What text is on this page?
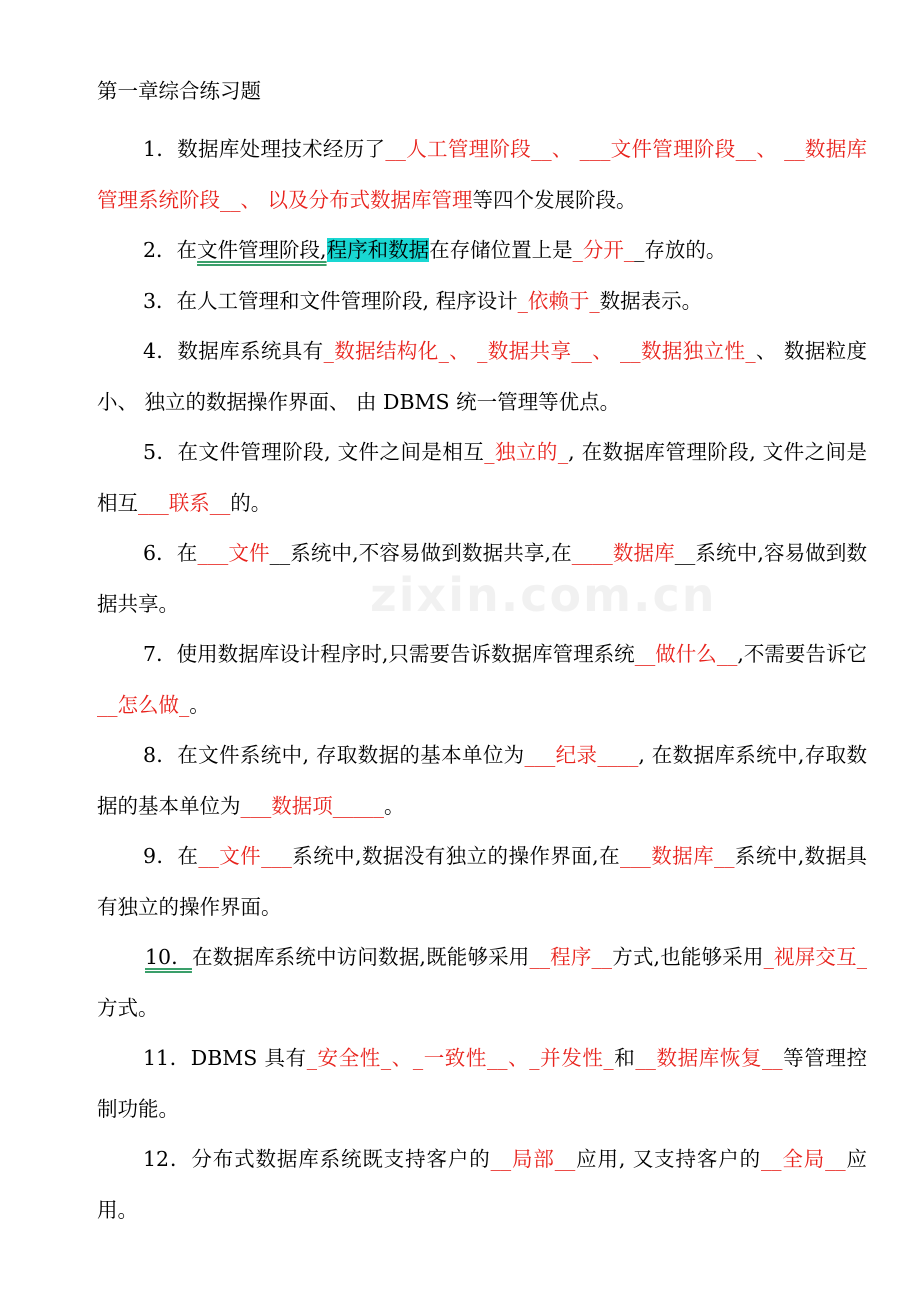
第一章综合练习题

1．数据库处理技术经历了__人工管理阶段__、 ___文件管理阶段__、 __数据库管理系统阶段__、 以及分布式数据库管理等四个发展阶段。

2．在文件管理阶段,程序和数据在存储位置上是_分开__存放的。

3．在人工管理和文件管理阶段, 程序设计_依赖于_数据表示。

4．数据库系统具有_数据结构化_、 _数据共享__、 __数据独立性_、 数据粒度小、 独立的数据操作界面、 由 DBMS 统一管理等优点。

5．在文件管理阶段, 文件之间是相互_独立的_, 在数据库管理阶段, 文件之间是相互___联系__的。

6．在___文件__系统中,不容易做到数据共享,在____数据库__系统中,容易做到数据共享。

7．使用数据库设计程序时,只需要告诉数据库管理系统__做什么__,不需要告诉它__怎么做_。

8．在文件系统中, 存取数据的基本单位为___纪录____, 在数据库系统中,存取数据的基本单位为___数据项_____。

9．在__文件___系统中,数据没有独立的操作界面,在___数据库__系统中,数据具有独立的操作界面。

10．在数据库系统中访问数据,既能够采用__程序__方式,也能够采用_视屏交互_方式。

11．DBMS 具有_安全性_、_一致性__、_并发性_和__数据库恢复__等管理控制功能。

12．分布式数据库系统既支持客户的__局部__应用, 又支持客户的__全局__应用。

zixin.com.cn
